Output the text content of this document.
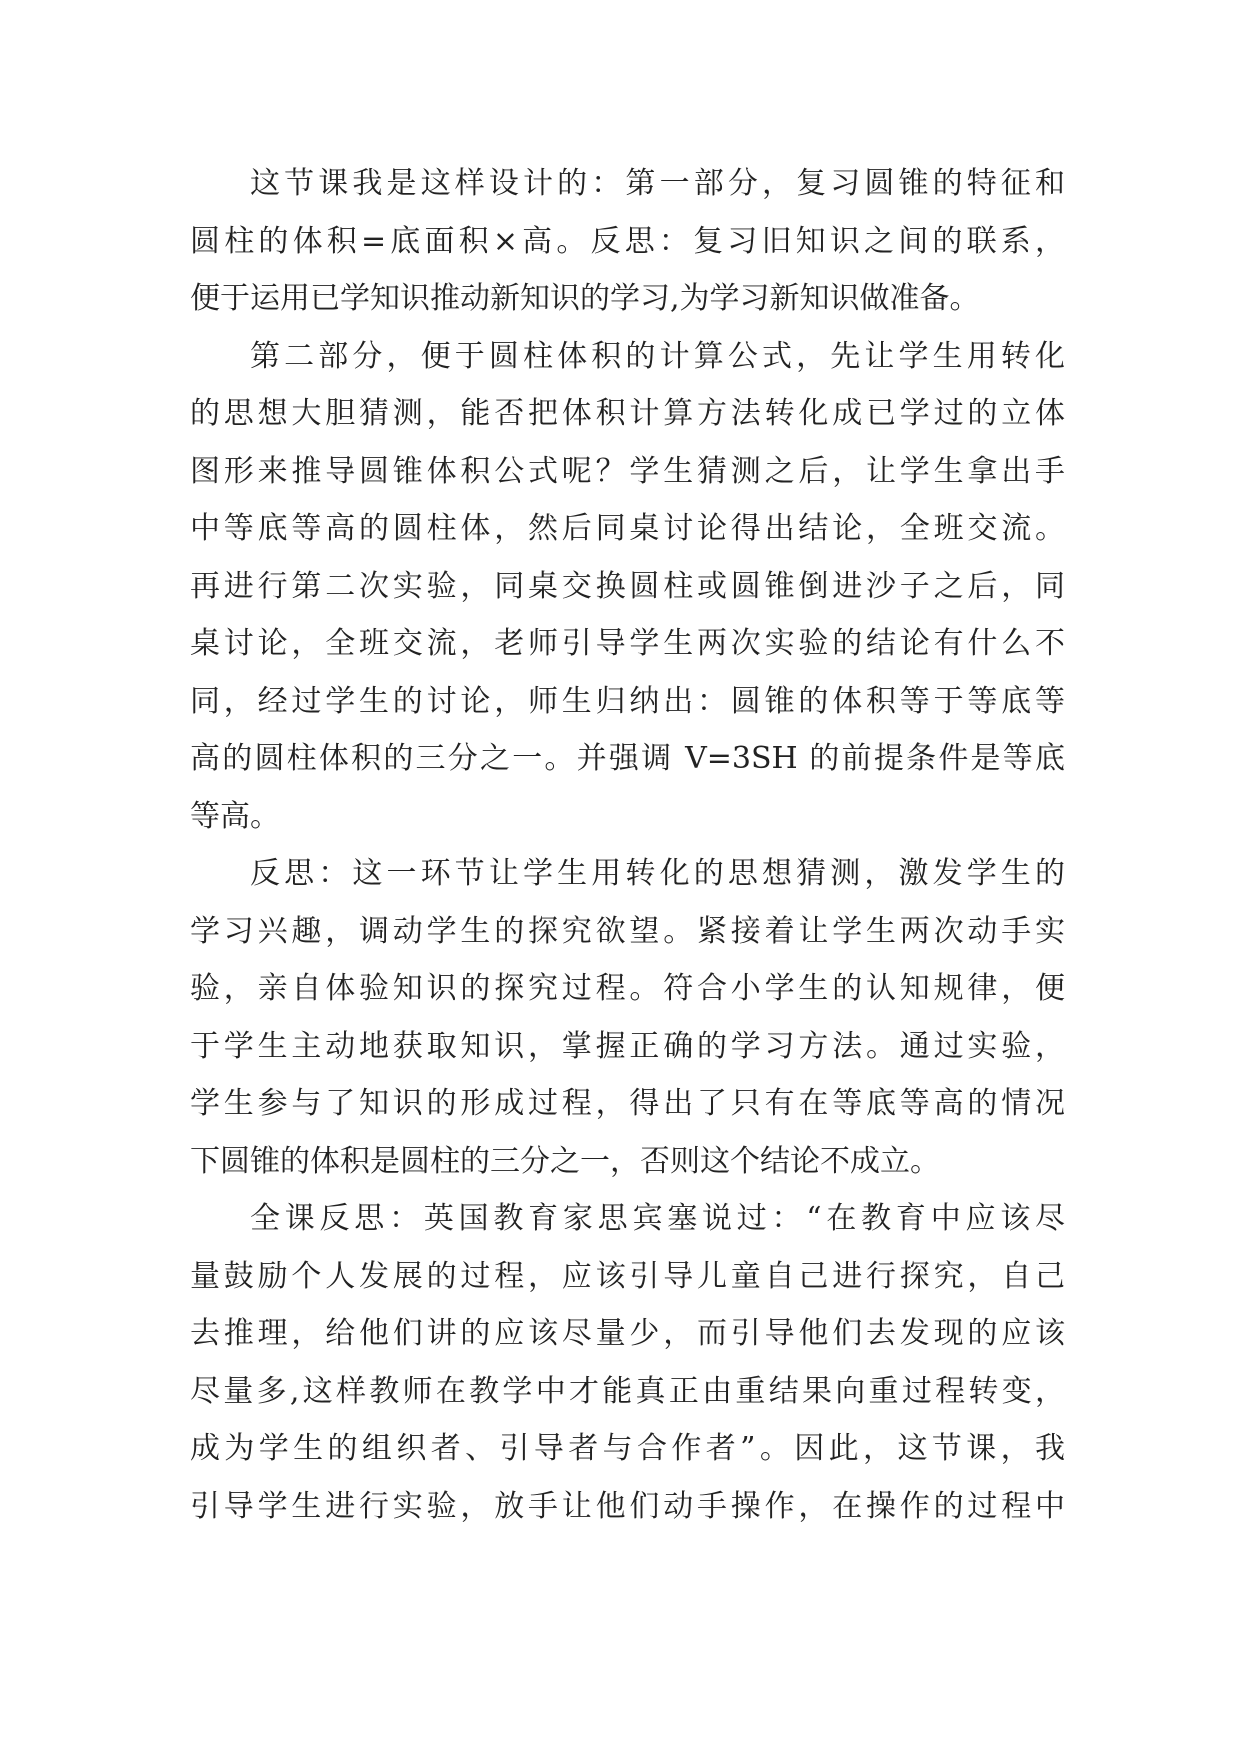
这节课我是这样设计的：第一部分，复习圆锥的特征和
圆柱的体积=底面积×高。反思：复习旧知识之间的联系，
便于运用已学知识推动新知识的学习,为学习新知识做准备。
第二部分，便于圆柱体积的计算公式，先让学生用转化
的思想大胆猜测，能否把体积计算方法转化成已学过的立体
图形来推导圆锥体积公式呢？学生猜测之后，让学生拿出手
中等底等高的圆柱体，然后同桌讨论得出结论，全班交流。
再进行第二次实验，同桌交换圆柱或圆锥倒进沙子之后，同
桌讨论，全班交流，老师引导学生两次实验的结论有什么不
同，经过学生的讨论，师生归纳出：圆锥的体积等于等底等
高的圆柱体积的三分之一。并强调 V=3SH 的前提条件是等底
等高。
反思：这一环节让学生用转化的思想猜测，激发学生的
学习兴趣，调动学生的探究欲望。紧接着让学生两次动手实
验，亲自体验知识的探究过程。符合小学生的认知规律，便
于学生主动地获取知识，掌握正确的学习方法。通过实验，
学生参与了知识的形成过程，得出了只有在等底等高的情况
下圆锥的体积是圆柱的三分之一，否则这个结论不成立。
全课反思：英国教育家思宾塞说过：“在教育中应该尽
量鼓励个人发展的过程，应该引导儿童自己进行探究，自己
去推理，给他们讲的应该尽量少，而引导他们去发现的应该
尽量多,这样教师在教学中才能真正由重结果向重过程转变，
成为学生的组织者、引导者与合作者”。因此，这节课，我
引导学生进行实验，放手让他们动手操作，在操作的过程中
